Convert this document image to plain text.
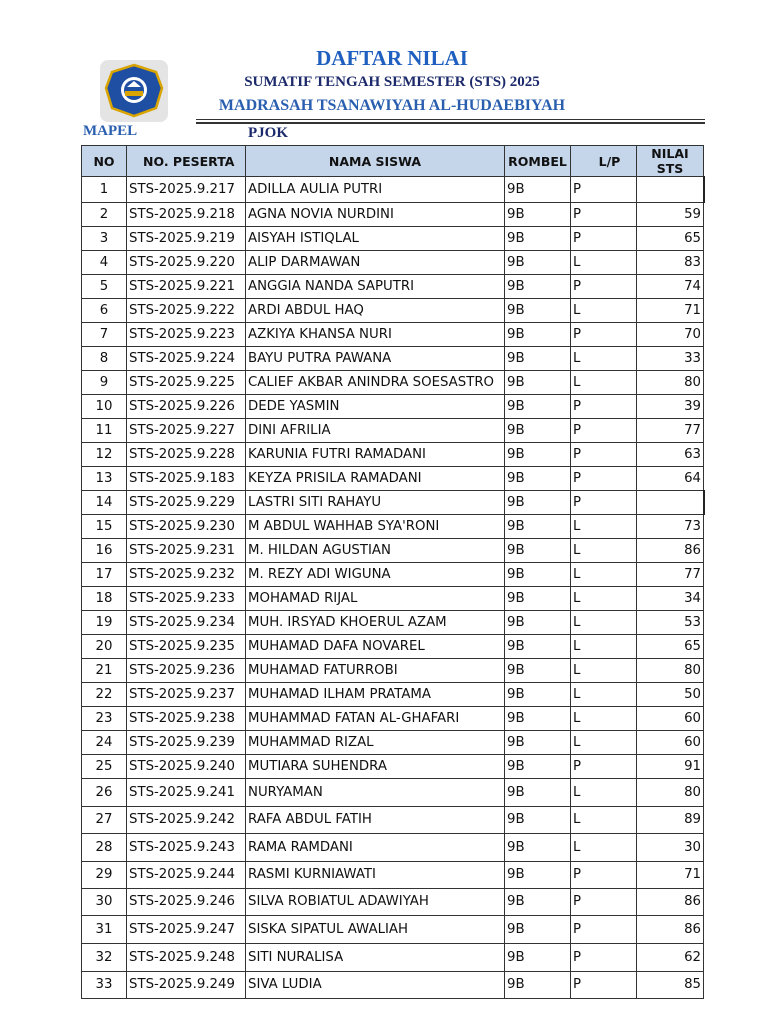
DAFTAR NILAI
SUMATIF TENGAH SEMESTER (STS) 2025
MADRASAH TSANAWIYAH AL-HUDAEBIYAH
MAPEL	PJOK
NO	NO. PESERTA	NAMA SISWA	ROMBEL	L/P	NILAI STS
1	STS-2025.9.217	ADILLA AULIA PUTRI	9B	P	
2	STS-2025.9.218	AGNA NOVIA NURDINI	9B	P	59
3	STS-2025.9.219	AISYAH ISTIQLAL	9B	P	65
4	STS-2025.9.220	ALIP DARMAWAN	9B	L	83
5	STS-2025.9.221	ANGGIA NANDA SAPUTRI	9B	P	74
6	STS-2025.9.222	ARDI ABDUL HAQ	9B	L	71
7	STS-2025.9.223	AZKIYA KHANSA NURI	9B	P	70
8	STS-2025.9.224	BAYU PUTRA PAWANA	9B	L	33
9	STS-2025.9.225	CALIEF AKBAR ANINDRA SOESASTRO	9B	L	80
10	STS-2025.9.226	DEDE YASMIN	9B	P	39
11	STS-2025.9.227	DINI AFRILIA	9B	P	77
12	STS-2025.9.228	KARUNIA FUTRI RAMADANI	9B	P	63
13	STS-2025.9.183	KEYZA PRISILA RAMADANI	9B	P	64
14	STS-2025.9.229	LASTRI SITI RAHAYU	9B	P	
15	STS-2025.9.230	M ABDUL WAHHAB SYA'RONI	9B	L	73
16	STS-2025.9.231	M. HILDAN AGUSTIAN	9B	L	86
17	STS-2025.9.232	M. REZY ADI WIGUNA	9B	L	77
18	STS-2025.9.233	MOHAMAD RIJAL	9B	L	34
19	STS-2025.9.234	MUH. IRSYAD KHOERUL AZAM	9B	L	53
20	STS-2025.9.235	MUHAMAD DAFA NOVAREL	9B	L	65
21	STS-2025.9.236	MUHAMAD FATURROBI	9B	L	80
22	STS-2025.9.237	MUHAMAD ILHAM PRATAMA	9B	L	50
23	STS-2025.9.238	MUHAMMAD FATAN AL-GHAFARI	9B	L	60
24	STS-2025.9.239	MUHAMMAD RIZAL	9B	L	60
25	STS-2025.9.240	MUTIARA SUHENDRA	9B	P	91
26	STS-2025.9.241	NURYAMAN	9B	L	80
27	STS-2025.9.242	RAFA ABDUL FATIH	9B	L	89
28	STS-2025.9.243	RAMA RAMDANI	9B	L	30
29	STS-2025.9.244	RASMI KURNIAWATI	9B	P	71
30	STS-2025.9.246	SILVA ROBIATUL ADAWIYAH	9B	P	86
31	STS-2025.9.247	SISKA SIPATUL AWALIAH	9B	P	86
32	STS-2025.9.248	SITI NURALISA	9B	P	62
33	STS-2025.9.249	SIVA LUDIA	9B	P	85
